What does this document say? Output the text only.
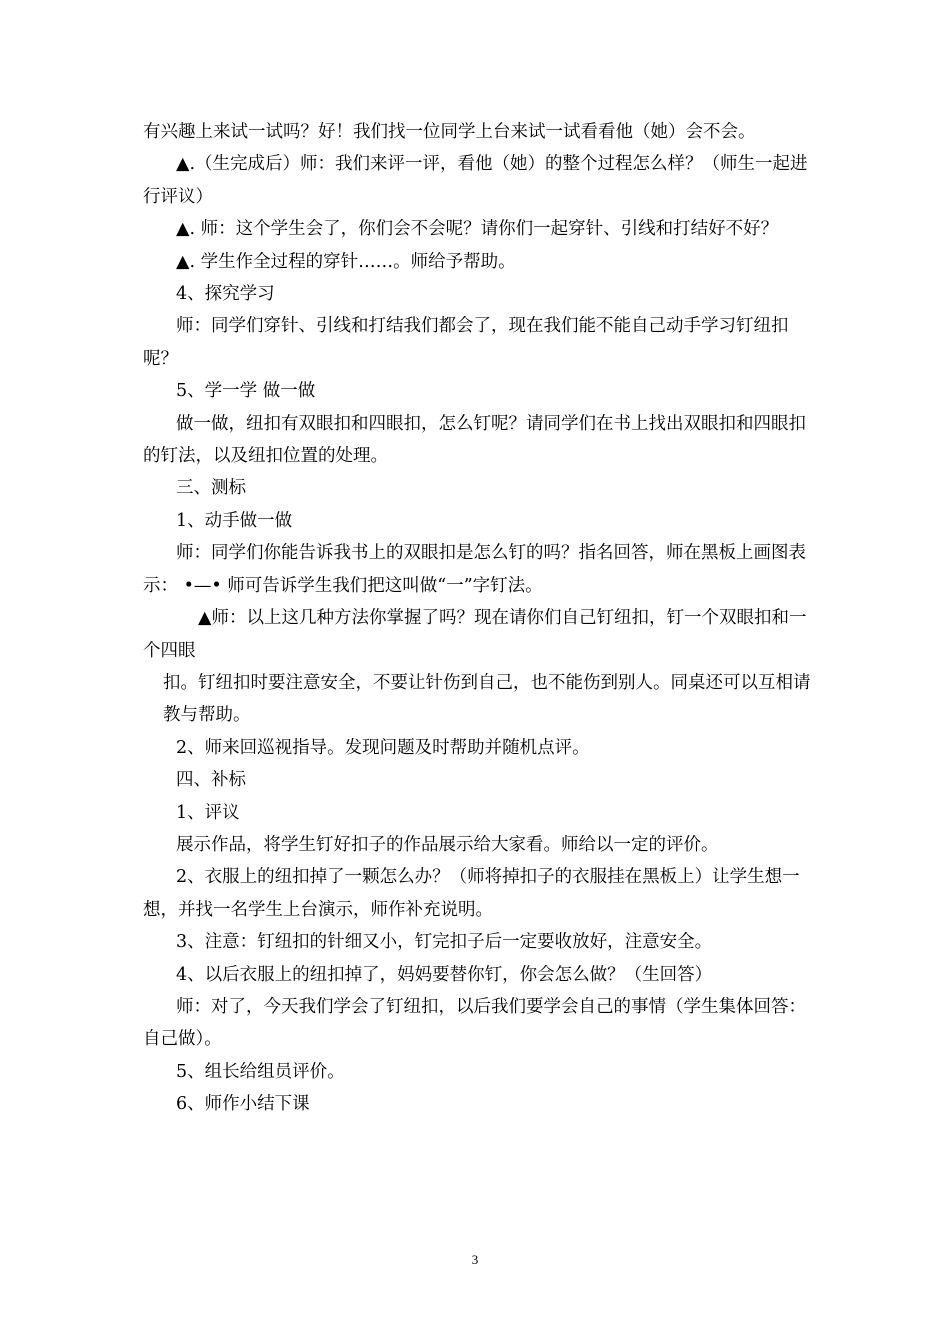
有兴趣上来试一试吗？好！我们找一位同学上台来试一试看看他（她）会不会。

▲.（生完成后）师：我们来评一评，看他（她）的整个过程怎么样？（师生一起进行评议）

▲. 师：这个学生会了，你们会不会呢？请你们一起穿针、引线和打结好不好？

▲. 学生作全过程的穿针……。师给予帮助。

4、探究学习

师：同学们穿针、引线和打结我们都会了，现在我们能不能自己动手学习钉纽扣呢？

5、学一学 做一做

做一做，纽扣有双眼扣和四眼扣，怎么钉呢？请同学们在书上找出双眼扣和四眼扣的钉法，以及纽扣位置的处理。

三、测标

1、动手做一做

师：同学们你能告诉我书上的双眼扣是怎么钉的吗？指名回答，师在黑板上画图表示： •—• 师可告诉学生我们把这叫做“一”字钉法。

▲师：以上这几种方法你掌握了吗？现在请你们自己钉纽扣，钉一个双眼扣和一个四眼

扣。钉纽扣时要注意安全，不要让针伤到自己，也不能伤到别人。同桌还可以互相请教与帮助。

2、师来回巡视指导。发现问题及时帮助并随机点评。

四、补标

1、评议

展示作品，将学生钉好扣子的作品展示给大家看。师给以一定的评价。

2、衣服上的纽扣掉了一颗怎么办？（师将掉扣子的衣服挂在黑板上）让学生想一想，并找一名学生上台演示，师作补充说明。

3、注意：钉纽扣的针细又小，钉完扣子后一定要收放好，注意安全。

4、以后衣服上的纽扣掉了，妈妈要替你钉，你会怎么做？（生回答）

师：对了，今天我们学会了钉纽扣，以后我们要学会自己的事情（学生集体回答：自己做）。

5、组长给组员评价。

6、师作小结下课

3
